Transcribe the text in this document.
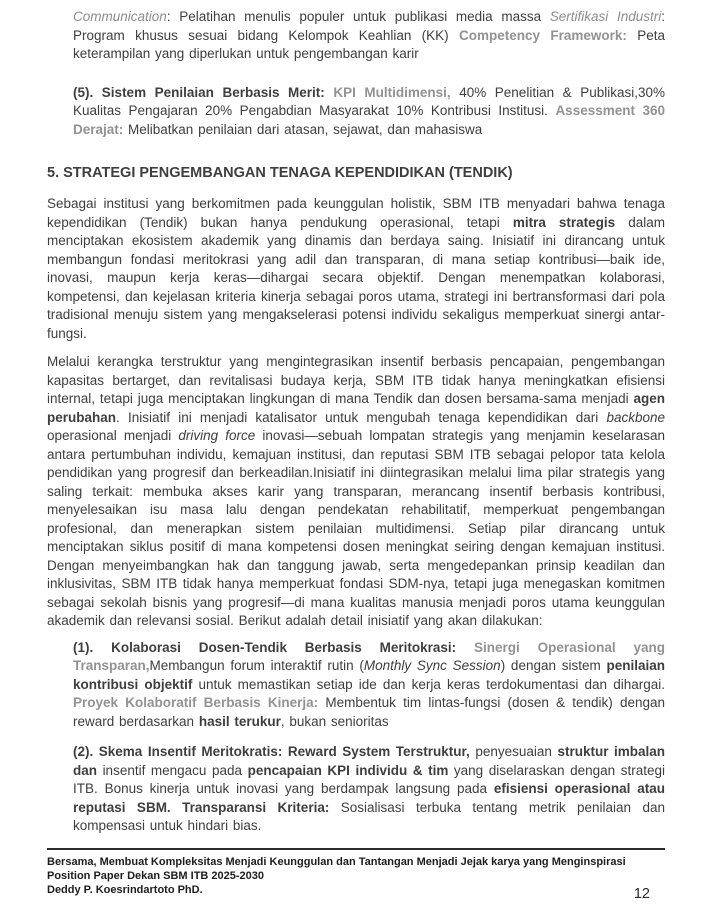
Communication: Pelatihan menulis populer untuk publikasi media massa Sertifikasi Industri: Program khusus sesuai bidang Kelompok Keahlian (KK) Competency Framework: Peta keterampilan yang diperlukan untuk pengembangan karir

(5). Sistem Penilaian Berbasis Merit: KPI Multidimensi, 40% Penelitian & Publikasi,30% Kualitas Pengajaran 20% Pengabdian Masyarakat 10% Kontribusi Institusi. Assessment 360 Derajat: Melibatkan penilaian dari atasan, sejawat, dan mahasiswa

5. STRATEGI PENGEMBANGAN TENAGA KEPENDIDIKAN (TENDIK)

Sebagai institusi yang berkomitmen pada keunggulan holistik, SBM ITB menyadari bahwa tenaga kependidikan (Tendik) bukan hanya pendukung operasional, tetapi mitra strategis dalam menciptakan ekosistem akademik yang dinamis dan berdaya saing. Inisiatif ini dirancang untuk membangun fondasi meritokrasi yang adil dan transparan, di mana setiap kontribusi—baik ide, inovasi, maupun kerja keras—dihargai secara objektif. Dengan menempatkan kolaborasi, kompetensi, dan kejelasan kriteria kinerja sebagai poros utama, strategi ini bertransformasi dari pola tradisional menuju sistem yang mengakselerasi potensi individu sekaligus memperkuat sinergi antar-fungsi.

Melalui kerangka terstruktur yang mengintegrasikan insentif berbasis pencapaian, pengembangan kapasitas bertarget, dan revitalisasi budaya kerja, SBM ITB tidak hanya meningkatkan efisiensi internal, tetapi juga menciptakan lingkungan di mana Tendik dan dosen bersama-sama menjadi agen perubahan. Inisiatif ini menjadi katalisator untuk mengubah tenaga kependidikan dari backbone operasional menjadi driving force inovasi—sebuah lompatan strategis yang menjamin keselarasan antara pertumbuhan individu, kemajuan institusi, dan reputasi SBM ITB sebagai pelopor tata kelola pendidikan yang progresif dan berkeadilan.Inisiatif ini diintegrasikan melalui lima pilar strategis yang saling terkait: membuka akses karir yang transparan, merancang insentif berbasis kontribusi, menyelesaikan isu masa lalu dengan pendekatan rehabilitatif, memperkuat pengembangan profesional, dan menerapkan sistem penilaian multidimensi. Setiap pilar dirancang untuk menciptakan siklus positif di mana kompetensi dosen meningkat seiring dengan kemajuan institusi. Dengan menyeimbangkan hak dan tanggung jawab, serta mengedepankan prinsip keadilan dan inklusivitas, SBM ITB tidak hanya memperkuat fondasi SDM-nya, tetapi juga menegaskan komitmen sebagai sekolah bisnis yang progresif—di mana kualitas manusia menjadi poros utama keunggulan akademik dan relevansi sosial. Berikut adalah detail inisiatif yang akan dilakukan:

(1). Kolaborasi Dosen-Tendik Berbasis Meritokrasi: Sinergi Operasional yang Transparan,Membangun forum interaktif rutin (Monthly Sync Session) dengan sistem penilaian kontribusi objektif untuk memastikan setiap ide dan kerja keras terdokumentasi dan dihargai. Proyek Kolaboratif Berbasis Kinerja: Membentuk tim lintas-fungsi (dosen & tendik) dengan reward berdasarkan hasil terukur, bukan senioritas

(2). Skema Insentif Meritokratis: Reward System Terstruktur, penyesuaian struktur imbalan dan insentif mengacu pada pencapaian KPI individu & tim yang diselaraskan dengan strategi ITB. Bonus kinerja untuk inovasi yang berdampak langsung pada efisiensi operasional atau reputasi SBM. Transparansi Kriteria: Sosialisasi terbuka tentang metrik penilaian dan kompensasi untuk hindari bias.

Bersama, Membuat Kompleksitas Menjadi Keunggulan dan Tantangan Menjadi Jejak karya yang Menginspirasi
Position Paper Dekan SBM ITB 2025-2030
Deddy P. Koesrindartoto PhD.	12
